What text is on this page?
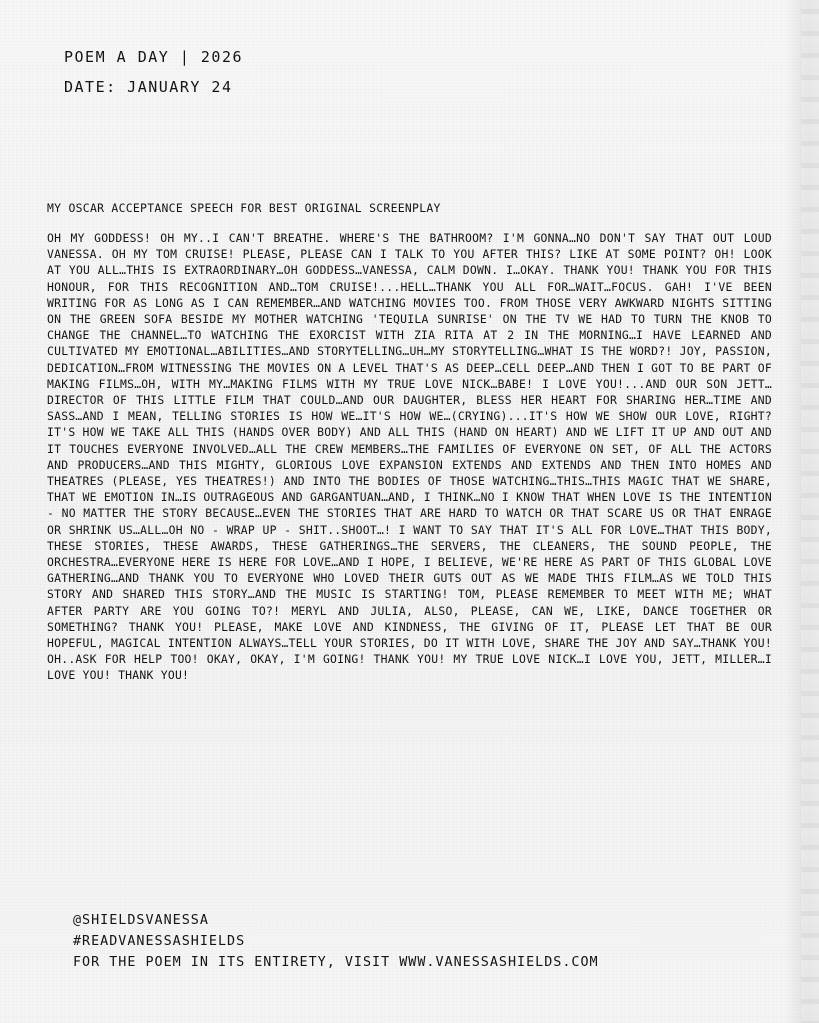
POEM A DAY | 2026
DATE: JANUARY 24
MY OSCAR ACCEPTANCE SPEECH FOR BEST ORIGINAL SCREENPLAY

OH MY GODDESS! OH MY..I CAN'T BREATHE. WHERE'S THE BATHROOM? I'M GONNA…NO DON'T SAY THAT OUT LOUD VANESSA. OH MY TOM CRUISE! PLEASE, PLEASE CAN I TALK TO YOU AFTER THIS? LIKE AT SOME POINT? OH! LOOK AT YOU ALL…THIS IS EXTRAORDINARY…OH GODDESS…VANESSA, CALM DOWN. I…OKAY. THANK YOU! THANK YOU FOR THIS HONOUR, FOR THIS RECOGNITION AND…TOM CRUISE!...HELL…THANK YOU ALL FOR…WAIT…FOCUS. GAH! I'VE BEEN WRITING FOR AS LONG AS I CAN REMEMBER…AND WATCHING MOVIES TOO. FROM THOSE VERY AWKWARD NIGHTS SITTING ON THE GREEN SOFA BESIDE MY MOTHER WATCHING 'TEQUILA SUNRISE' ON THE TV WE HAD TO TURN THE KNOB TO CHANGE THE CHANNEL…TO WATCHING THE EXORCIST WITH ZIA RITA AT 2 IN THE MORNING…I HAVE LEARNED AND CULTIVATED MY EMOTIONAL…ABILITIES…AND STORYTELLING…UH…MY STORYTELLING…WHAT IS THE WORD?! JOY, PASSION, DEDICATION…FROM WITNESSING THE MOVIES ON A LEVEL THAT'S AS DEEP…CELL DEEP…AND THEN I GOT TO BE PART OF MAKING FILMS…OH, WITH MY…MAKING FILMS WITH MY TRUE LOVE NICK…BABE! I LOVE YOU!...AND OUR SON JETT…DIRECTOR OF THIS LITTLE FILM THAT COULD…AND OUR DAUGHTER, BLESS HER HEART FOR SHARING HER…TIME AND SASS…AND I MEAN, TELLING STORIES IS HOW WE…IT'S HOW WE…(CRYING)...IT'S HOW WE SHOW OUR LOVE, RIGHT? IT'S HOW WE TAKE ALL THIS (HANDS OVER BODY) AND ALL THIS (HAND ON HEART) AND WE LIFT IT UP AND OUT AND IT TOUCHES EVERYONE INVOLVED…ALL THE CREW MEMBERS…THE FAMILIES OF EVERYONE ON SET, OF ALL THE ACTORS AND PRODUCERS…AND THIS MIGHTY, GLORIOUS LOVE EXPANSION EXTENDS AND EXTENDS AND THEN INTO HOMES AND THEATRES (PLEASE, YES THEATRES!) AND INTO THE BODIES OF THOSE WATCHING…THIS…THIS MAGIC THAT WE SHARE, THAT WE EMOTION IN…IS OUTRAGEOUS AND GARGANTUAN…AND, I THINK…NO I KNOW THAT WHEN LOVE IS THE INTENTION - NO MATTER THE STORY BECAUSE…EVEN THE STORIES THAT ARE HARD TO WATCH OR THAT SCARE US OR THAT ENRAGE OR SHRINK US…ALL…OH NO - WRAP UP - SHIT..SHOOT…! I WANT TO SAY THAT IT'S ALL FOR LOVE…THAT THIS BODY, THESE STORIES, THESE AWARDS, THESE GATHERINGS…THE SERVERS, THE CLEANERS, THE SOUND PEOPLE, THE ORCHESTRA…EVERYONE HERE IS HERE FOR LOVE…AND I HOPE, I BELIEVE, WE'RE HERE AS PART OF THIS GLOBAL LOVE GATHERING…AND THANK YOU TO EVERYONE WHO LOVED THEIR GUTS OUT AS WE MADE THIS FILM…AS WE TOLD THIS STORY AND SHARED THIS STORY…AND THE MUSIC IS STARTING! TOM, PLEASE REMEMBER TO MEET WITH ME; WHAT AFTER PARTY ARE YOU GOING TO?! MERYL AND JULIA, ALSO, PLEASE, CAN WE, LIKE, DANCE TOGETHER OR SOMETHING? THANK YOU! PLEASE, MAKE LOVE AND KINDNESS, THE GIVING OF IT, PLEASE LET THAT BE OUR HOPEFUL, MAGICAL INTENTION ALWAYS…TELL YOUR STORIES, DO IT WITH LOVE, SHARE THE JOY AND SAY…THANK YOU! OH..ASK FOR HELP TOO! OKAY, OKAY, I'M GOING! THANK YOU! MY TRUE LOVE NICK…I LOVE YOU, JETT, MILLER…I LOVE YOU! THANK YOU!

@SHIELDSVANESSA
#READVANESSASHIELDS
FOR THE POEM IN ITS ENTIRETY, VISIT WWW.VANESSASHIELDS.COM
